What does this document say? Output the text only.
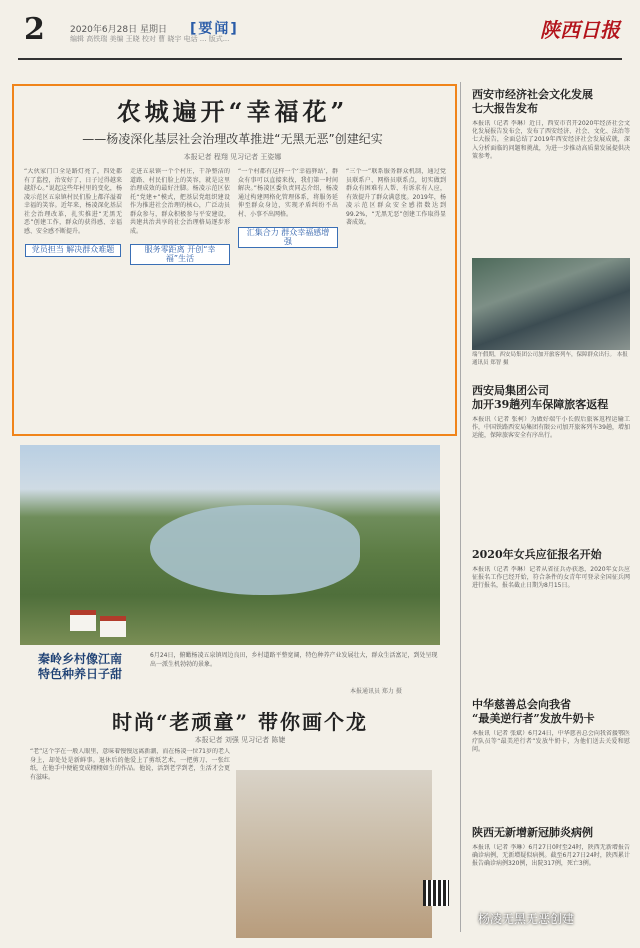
2	2020年6月28日 星期日
编辑 高铁瑞 美编 王晓 校对 曹 晓宇 电话 ... 版式...
[要闻]	陕西日报
农城遍开“幸福花”
——杨凌深化基层社会治理改革推进“无黑无恶”创建纪实
本报记者 程翔 见习记者 王姿娜
“大伙家门口全是路灯亮了，四处都有了监控，治安好了，日子过得越来越舒心。”说起这些年村里的变化，杨凌示范区五泉镇村民们脸上都洋溢着幸福的笑容。近年来，杨凌深化基层社会治理改革，扎实推进“无黑无恶”创建工作，群众的获得感、幸福感、安全感不断提升。
党员担当 解决群众难题
走进五泉镇一个个村庄，干净整洁的道路、村民们脸上的笑容，就是这里治理成效的最好注脚。杨凌示范区依托“党建+”模式，把基层党组织建设作为推进社会治理的核心，广泛动员群众参与，群众积极参与平安建设，共建共治共享的社会治理格局逐步形成。
服务零距离 开创“幸福”生活
“一个村都有这样一个‘幸福驿站’，群众有事可以直接来找，我们第一时间解决。”杨凌区委负责同志介绍，杨凌通过构建网格化管理体系，将服务延伸至群众身边，实现矛盾纠纷不出村、小事不出网格。
汇集合力 群众幸福感增强
“三个一”联系服务群众机制，通过党员联系户、网格员联系点，切实做到群众有困难有人帮、有诉求有人应，有效提升了群众满意度。2019年，杨凌示范区群众安全感指数达到99.2%，“无黑无恶”创建工作取得显著成效。
秦岭乡村像江南
特色种养日子甜
6月24日，俯瞰杨凌五泉镇周边良田，乡村道路平整宽阔，特色种养产业发展壮大，群众生活富足，到处呈现出一派生机勃勃的景象。
本报通讯员 郑力 摄
时尚“老顽童” 带你画个龙
本报记者 刘强 见习记者 陈婕
“老”这个字在一般人眼里，意味着慢慢远离新潮，而在杨凌一位71岁的老人身上，却处处是新鲜事。退休后的他爱上了剪纸艺术，一把剪刀、一张红纸，在他手中便能变成栩栩如生的作品。他说，活到老学到老，生活才会更有滋味。
西安市经济社会文化发展
七大报告发布
本报讯（记者 李琳）近日，西安市召开2020年经济社会文化发展报告发布会，发布了西安经济、社会、文化、法治等七大报告，全面总结了2019年西安经济社会发展成就，深入分析面临的问题和挑战，为进一步推动高质量发展提供决策参考。
端午假期，西安局集团公司加开旅客列车，保障群众出行。 本报通讯员 郑智 摄
西安局集团公司
加开39趟列车保障旅客返程
本报讯（记者 张柯）为做好端午小长假后旅客返程运输工作，中国铁路西安局集团有限公司加开旅客列车39趟，增加运能，保障旅客安全有序出行。
2020年女兵应征报名开始
本报讯（记者 李琳）记者从省征兵办获悉，2020年女兵应征报名工作已经开始，符合条件的女青年可登录全国征兵网进行报名，报名截止日期为8月15日。
中华慈善总会向我省
“最美逆行者”发放牛奶卡
本报讯（记者 张斌）6月24日，中华慈善总会向我省援鄂医疗队员等“最美逆行者”发放牛奶卡，为他们送去关爱和慰问。
陕西无新增新冠肺炎病例
本报讯（记者 李琳）6月27日0时至24时，陕西无新增报告确诊病例，无新增疑似病例。截至6月27日24时，陕西累计报告确诊病例320例，出院317例，死亡3例。
杨凌无黑无恶创建
